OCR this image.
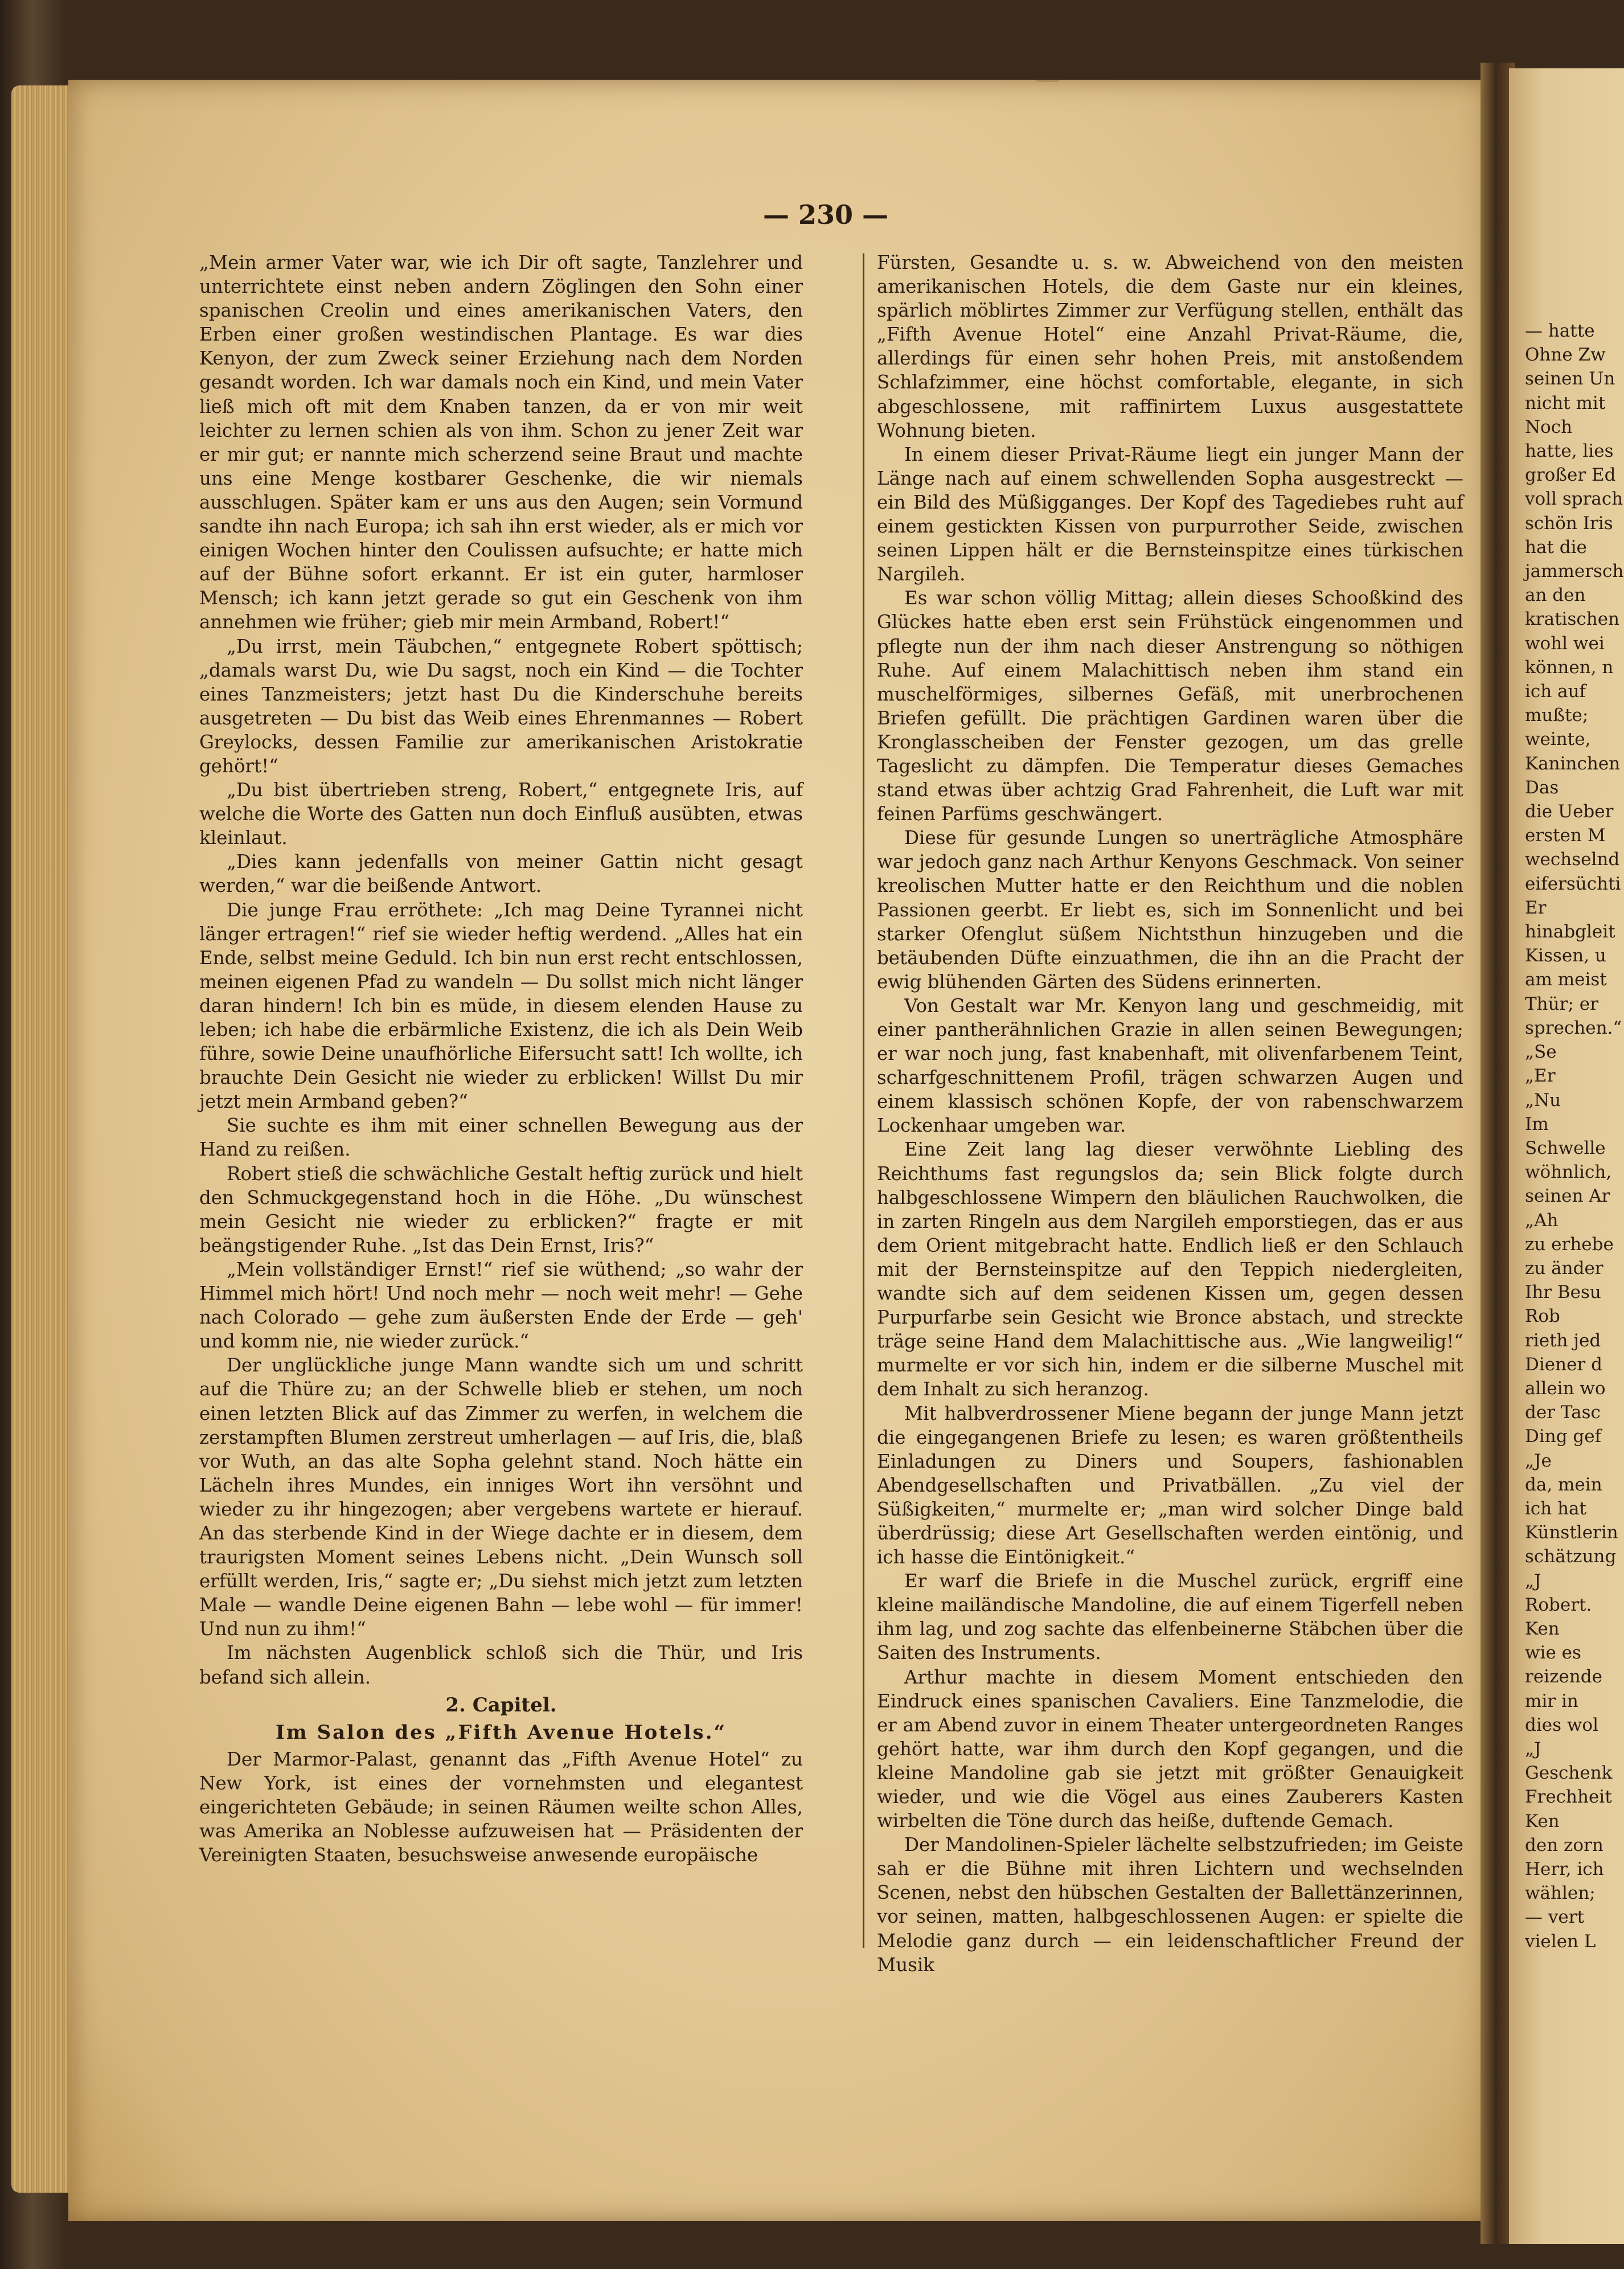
— 230 —

„Mein armer Vater war, wie ich Dir oft sagte, Tanzlehrer und unterrichtete einst neben andern Zöglingen den Sohn einer spanischen Creolin und eines amerikanischen Vaters, den Erben einer großen westindischen Plantage. Es war dies Kenyon, der zum Zweck seiner Erziehung nach dem Norden gesandt worden. Ich war damals noch ein Kind, und mein Vater ließ mich oft mit dem Knaben tanzen, da er von mir weit leichter zu lernen schien als von ihm. Schon zu jener Zeit war er mir gut; er nannte mich scherzend seine Braut und machte uns eine Menge kostbarer Geschenke, die wir niemals ausschlugen. Später kam er uns aus den Augen; sein Vormund sandte ihn nach Europa; ich sah ihn erst wieder, als er mich vor einigen Wochen hinter den Coulissen aufsuchte; er hatte mich auf der Bühne sofort erkannt. Er ist ein guter, harmloser Mensch; ich kann jetzt gerade so gut ein Geschenk von ihm annehmen wie früher; gieb mir mein Armband, Robert!“

„Du irrst, mein Täubchen,“ entgegnete Robert spöttisch; „damals warst Du, wie Du sagst, noch ein Kind — die Tochter eines Tanzmeisters; jetzt hast Du die Kinderschuhe bereits ausgetreten — Du bist das Weib eines Ehrenmannes — Robert Greylocks, dessen Familie zur amerikanischen Aristokratie gehört!“

„Du bist übertrieben streng, Robert,“ entgegnete Iris, auf welche die Worte des Gatten nun doch Einfluß ausübten, etwas kleinlaut.

„Dies kann jedenfalls von meiner Gattin nicht gesagt werden,“ war die beißende Antwort.

Die junge Frau erröthete: „Ich mag Deine Tyrannei nicht länger ertragen!“ rief sie wieder heftig werdend. „Alles hat ein Ende, selbst meine Geduld. Ich bin nun erst recht entschlossen, meinen eigenen Pfad zu wandeln — Du sollst mich nicht länger daran hindern! Ich bin es müde, in diesem elenden Hause zu leben; ich habe die erbärmliche Existenz, die ich als Dein Weib führe, sowie Deine unaufhörliche Eifersucht satt! Ich wollte, ich brauchte Dein Gesicht nie wieder zu erblicken! Willst Du mir jetzt mein Armband geben?“

Sie suchte es ihm mit einer schnellen Bewegung aus der Hand zu reißen.

Robert stieß die schwächliche Gestalt heftig zurück und hielt den Schmuckgegenstand hoch in die Höhe. „Du wünschest mein Gesicht nie wieder zu erblicken?“ fragte er mit beängstigender Ruhe. „Ist das Dein Ernst, Iris?“

„Mein vollständiger Ernst!“ rief sie wüthend; „so wahr der Himmel mich hört! Und noch mehr — noch weit mehr! — Gehe nach Colorado — gehe zum äußersten Ende der Erde — geh' und komm nie, nie wieder zurück.“

Der unglückliche junge Mann wandte sich um und schritt auf die Thüre zu; an der Schwelle blieb er stehen, um noch einen letzten Blick auf das Zimmer zu werfen, in welchem die zerstampften Blumen zerstreut umherlagen — auf Iris, die, blaß vor Wuth, an das alte Sopha gelehnt stand. Noch hätte ein Lächeln ihres Mundes, ein inniges Wort ihn versöhnt und wieder zu ihr hingezogen; aber vergebens wartete er hierauf. An das sterbende Kind in der Wiege dachte er in diesem, dem traurigsten Moment seines Lebens nicht. „Dein Wunsch soll erfüllt werden, Iris,“ sagte er; „Du siehst mich jetzt zum letzten Male — wandle Deine eigenen Bahn — lebe wohl — für immer! Und nun zu ihm!“

Im nächsten Augenblick schloß sich die Thür, und Iris befand sich allein.

2. Capitel.
Im Salon des „Fifth Avenue Hotels.“

Der Marmor-Palast, genannt das „Fifth Avenue Hotel“ zu New York, ist eines der vornehmsten und elegantest eingerichteten Gebäude; in seinen Räumen weilte schon Alles, was Amerika an Noblesse aufzuweisen hat — Präsidenten der Vereinigten Staaten, besuchsweise anwesende europäische

Fürsten, Gesandte u. s. w. Abweichend von den meisten amerikanischen Hotels, die dem Gaste nur ein kleines, spärlich möblirtes Zimmer zur Verfügung stellen, enthält das „Fifth Avenue Hotel“ eine Anzahl Privat-Räume, die, allerdings für einen sehr hohen Preis, mit anstoßendem Schlafzimmer, eine höchst comfortable, elegante, in sich abgeschlossene, mit raffinirtem Luxus ausgestattete Wohnung bieten.

In einem dieser Privat-Räume liegt ein junger Mann der Länge nach auf einem schwellenden Sopha ausgestreckt — ein Bild des Müßigganges. Der Kopf des Tagediebes ruht auf einem gestickten Kissen von purpurrother Seide, zwischen seinen Lippen hält er die Bernsteinspitze eines türkischen Nargileh.

Es war schon völlig Mittag; allein dieses Schooßkind des Glückes hatte eben erst sein Frühstück eingenommen und pflegte nun der ihm nach dieser Anstrengung so nöthigen Ruhe. Auf einem Malachittisch neben ihm stand ein muschelförmiges, silbernes Gefäß, mit unerbrochenen Briefen gefüllt. Die prächtigen Gardinen waren über die Kronglasscheiben der Fenster gezogen, um das grelle Tageslicht zu dämpfen. Die Temperatur dieses Gemaches stand etwas über achtzig Grad Fahrenheit, die Luft war mit feinen Parfüms geschwängert.

Diese für gesunde Lungen so unerträgliche Atmosphäre war jedoch ganz nach Arthur Kenyons Geschmack. Von seiner kreolischen Mutter hatte er den Reichthum und die noblen Passionen geerbt. Er liebt es, sich im Sonnenlicht und bei starker Ofenglut süßem Nichtsthun hinzugeben und die betäubenden Düfte einzuathmen, die ihn an die Pracht der ewig blühenden Gärten des Südens erinnerten.

Von Gestalt war Mr. Kenyon lang und geschmeidig, mit einer pantherähnlichen Grazie in allen seinen Bewegungen; er war noch jung, fast knabenhaft, mit olivenfarbenem Teint, scharfgeschnittenem Profil, trägen schwarzen Augen und einem klassisch schönen Kopfe, der von rabenschwarzem Lockenhaar umgeben war.

Eine Zeit lang lag dieser verwöhnte Liebling des Reichthums fast regungslos da; sein Blick folgte durch halbgeschlossene Wimpern den bläulichen Rauchwolken, die in zarten Ringeln aus dem Nargileh emporstiegen, das er aus dem Orient mitgebracht hatte. Endlich ließ er den Schlauch mit der Bernsteinspitze auf den Teppich niedergleiten, wandte sich auf dem seidenen Kissen um, gegen dessen Purpurfarbe sein Gesicht wie Bronce abstach, und streckte träge seine Hand dem Malachittische aus. „Wie langweilig!“ murmelte er vor sich hin, indem er die silberne Muschel mit dem Inhalt zu sich heranzog.

Mit halbverdrossener Miene begann der junge Mann jetzt die eingegangenen Briefe zu lesen; es waren größtentheils Einladungen zu Diners und Soupers, fashionablen Abendgesellschaften und Privatbällen. „Zu viel der Süßigkeiten,“ murmelte er; „man wird solcher Dinge bald überdrüssig; diese Art Gesellschaften werden eintönig, und ich hasse die Eintönigkeit.“

Er warf die Briefe in die Muschel zurück, ergriff eine kleine mailändische Mandoline, die auf einem Tigerfell neben ihm lag, und zog sachte das elfenbeinerne Stäbchen über die Saiten des Instruments.

Arthur machte in diesem Moment entschieden den Eindruck eines spanischen Cavaliers. Eine Tanzmelodie, die er am Abend zuvor in einem Theater untergeordneten Ranges gehört hatte, war ihm durch den Kopf gegangen, und die kleine Mandoline gab sie jetzt mit größter Genauigkeit wieder, und wie die Vögel aus eines Zauberers Kasten wirbelten die Töne durch das heiße, duftende Gemach.

Der Mandolinen-Spieler lächelte selbstzufrieden; im Geiste sah er die Bühne mit ihren Lichtern und wechselnden Scenen, nebst den hübschen Gestalten der Ballettänzerinnen, vor seinen, matten, halbgeschlossenen Augen: er spielte die Melodie ganz durch — ein leidenschaftlicher Freund der Musik

— hatte
Ohne Zw
seinen Un
nicht mit
Noch
hatte, lies
großer Ed
voll sprach
schön Iris
hat die
jammersch
an den
kratischen
wohl wei
können, n
ich auf
mußte;
weinte,
Kaninchen
Das
die Ueber
ersten M
wechselnd
eifersüchti
Er
hinabgleit
Kissen, u
am meist
Thür; er
sprechen.“
„Se
„Er
„Nu
Im
Schwelle
wöhnlich,
seinen Ar
„Ah
zu erhebe
zu änder
Ihr Besu
Rob
rieth jed
Diener d
allein wo
der Tasc
Ding gef
„Je
da, mein
ich hat
Künstlerin
schätzung
„J
Robert.
Ken
wie es
reizende
mir in
dies wol
„J
Geschenk
Frechheit
Ken
den zorn
Herr, ich
wählen;
— vert
vielen L
